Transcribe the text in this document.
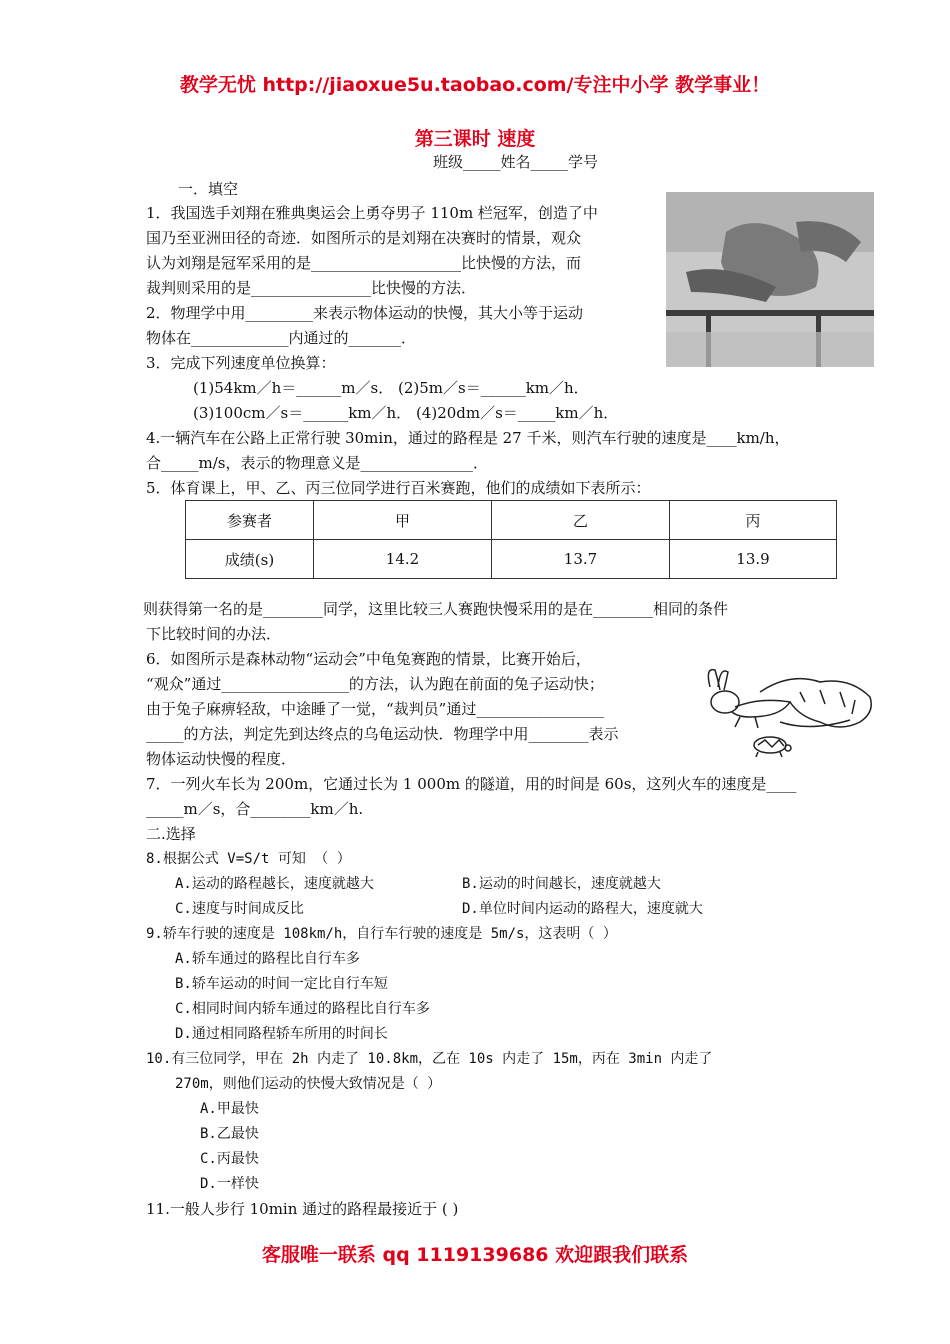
教学无忧 http://jiaoxue5u.taobao.com/专注中小学 教学事业！
第三课时 速度
班级_____姓名_____学号
一．填空
1．我国选手刘翔在雅典奥运会上勇夺男子 110m 栏冠军，创造了中
国乃至亚洲田径的奇迹．如图所示的是刘翔在决赛时的情景，观众
认为刘翔是冠军采用的是____________________比快慢的方法，而
裁判则采用的是________________比快慢的方法．
2．物理学中用_________来表示物体运动的快慢，其大小等于运动
物体在_____________内通过的_______．
3．完成下列速度单位换算：
(1)54km／h＝______m／s． (2)5m／s＝______km／h．
(3)100cm／s＝______km／h． (4)20dm／s＝_____km／h．
4.一辆汽车在公路上正常行驶 30min，通过的路程是 27 千米，则汽车行驶的速度是____km/h，
合_____m/s，表示的物理意义是_______________．
5．体育课上，甲、乙、丙三位同学进行百米赛跑，他们的成绩如下表所示：
参赛者	甲	乙	丙
成绩(s)	14.2	13.7	13.9
则获得第一名的是________同学，这里比较三人赛跑快慢采用的是在________相同的条件
下比较时间的办法．
6．如图所示是森林动物“运动会”中龟兔赛跑的情景，比赛开始后，
“观众”通过_________________的方法，认为跑在前面的兔子运动快；
由于兔子麻痹轻敌，中途睡了一觉，“裁判员”通过_________________
_____的方法，判定先到达终点的乌龟运动快．物理学中用________表示
物体运动快慢的程度．
7．一列火车长为 200m，它通过长为 1 000m 的隧道，用的时间是 60s，这列火车的速度是____
_____m／s，合________km／h.
二.选择
8.根据公式 V=S/t 可知 （ ）
A.运动的路程越长，速度就越大	B.运动的时间越长，速度就越大
C.速度与时间成反比	D.单位时间内运动的路程大，速度就大
9.轿车行驶的速度是 108km/h，自行车行驶的速度是 5m/s，这表明（ ）
A.轿车通过的路程比自行车多
B.轿车运动的时间一定比自行车短
C.相同时间内轿车通过的路程比自行车多
D.通过相同路程轿车所用的时间长
10.有三位同学，甲在 2h 内走了 10.8km，乙在 10s 内走了 15m，丙在 3min 内走了
270m，则他们运动的快慢大致情况是（ ）
A.甲最快
B.乙最快
C.丙最快
D.一样快
11.一般人步行 10min 通过的路程最接近于 ( )
客服唯一联系 qq 1119139686 欢迎跟我们联系
